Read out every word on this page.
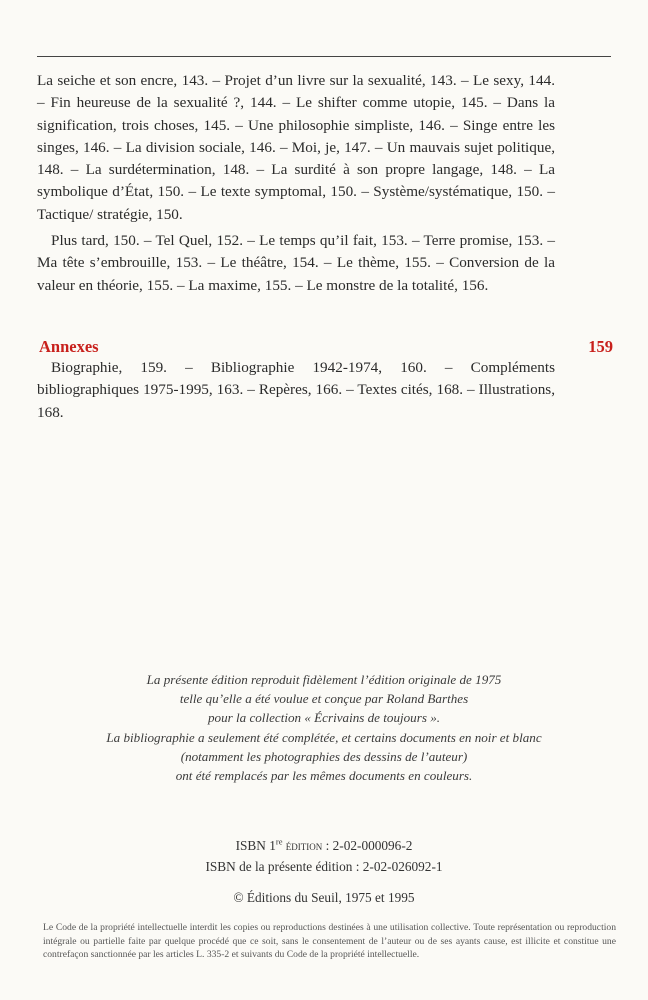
La seiche et son encre, 143. – Projet d’un livre sur la sexualité, 143. – Le sexy, 144. – Fin heureuse de la sexualité ?, 144. – Le shifter comme utopie, 145. – Dans la signification, trois choses, 145. – Une philosophie simpliste, 146. – Singe entre les singes, 146. – La division sociale, 146. – Moi, je, 147. – Un mauvais sujet politique, 148. – La surdétermination, 148. – La surdité à son propre langage, 148. – La symbolique d’État, 150. – Le texte symptomal, 150. – Système/systématique, 150. – Tactique/ stratégie, 150.

Plus tard, 150. – Tel Quel, 152. – Le temps qu’il fait, 153. – Terre promise, 153. – Ma tête s’embrouille, 153. – Le théâtre, 154. – Le thème, 155. – Conversion de la valeur en théorie, 155. – La maxime, 155. – Le monstre de la totalité, 156.

Annexes	159

Biographie, 159. – Bibliographie 1942-1974, 160. – Compléments bibliographiques 1975-1995, 163. – Repères, 166. – Textes cités, 168. – Illustrations, 168.

La présente édition reproduit fidèlement l’édition originale de 1975
telle qu’elle a été voulue et conçue par Roland Barthes
pour la collection « Écrivains de toujours ».
La bibliographie a seulement été complétée, et certains documents en noir et blanc
(notamment les photographies des dessins de l’auteur)
ont été remplacés par les mêmes documents en couleurs.
ISBN 1re édition : 2-02-000096-2
ISBN de la présente édition : 2-02-026092-1
© Éditions du Seuil, 1975 et 1995

Le Code de la propriété intellectuelle interdit les copies ou reproductions destinées à une utilisation collective. Toute représentation ou reproduction intégrale ou partielle faite par quelque procédé que ce soit, sans le consentement de l’auteur ou de ses ayants cause, est illicite et constitue une contrefaçon sanctionnée par les articles L. 335-2 et suivants du Code de la propriété intellectuelle.
